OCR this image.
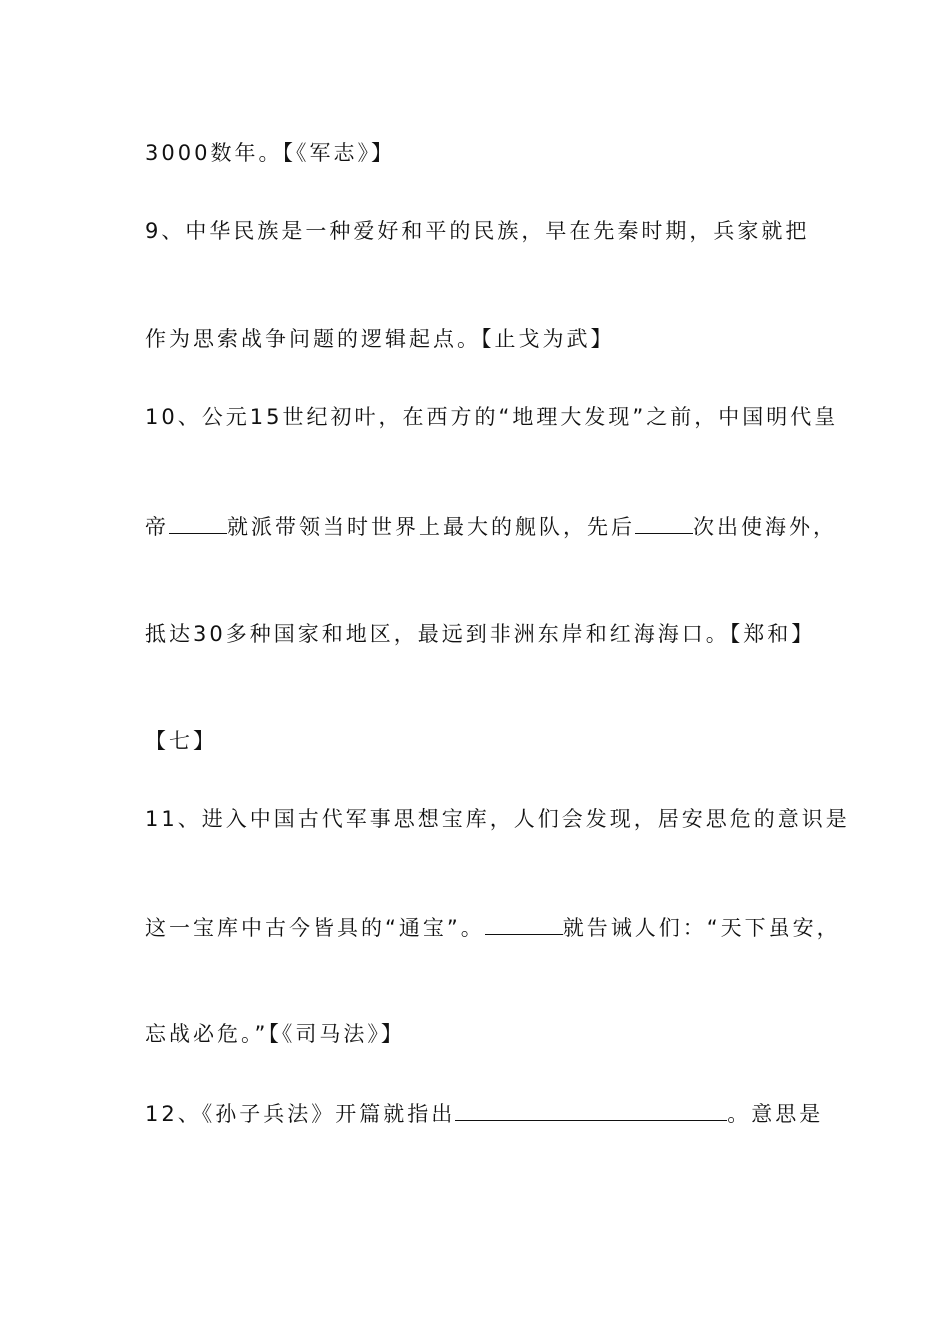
3000数年。【《军志》】
9、中华民族是一种爱好和平的民族，早在先秦时期，兵家就把
作为思索战争问题的逻辑起点。【止戈为武】
10、公元15世纪初叶，在西方的“地理大发现”之前，中国明代皇
帝	就派带领当时世界上最大的舰队，先后	次出使海外，
抵达30多种国家和地区，最远到非洲东岸和红海海口。【郑和】
【七】
11、进入中国古代军事思想宝库，人们会发现，居安思危的意识是
这一宝库中古今皆具的“通宝”。	就告诫人们：“天下虽安，
忘战必危。”【《司马法》】
12、《孙子兵法》开篇就指出	。意思是
